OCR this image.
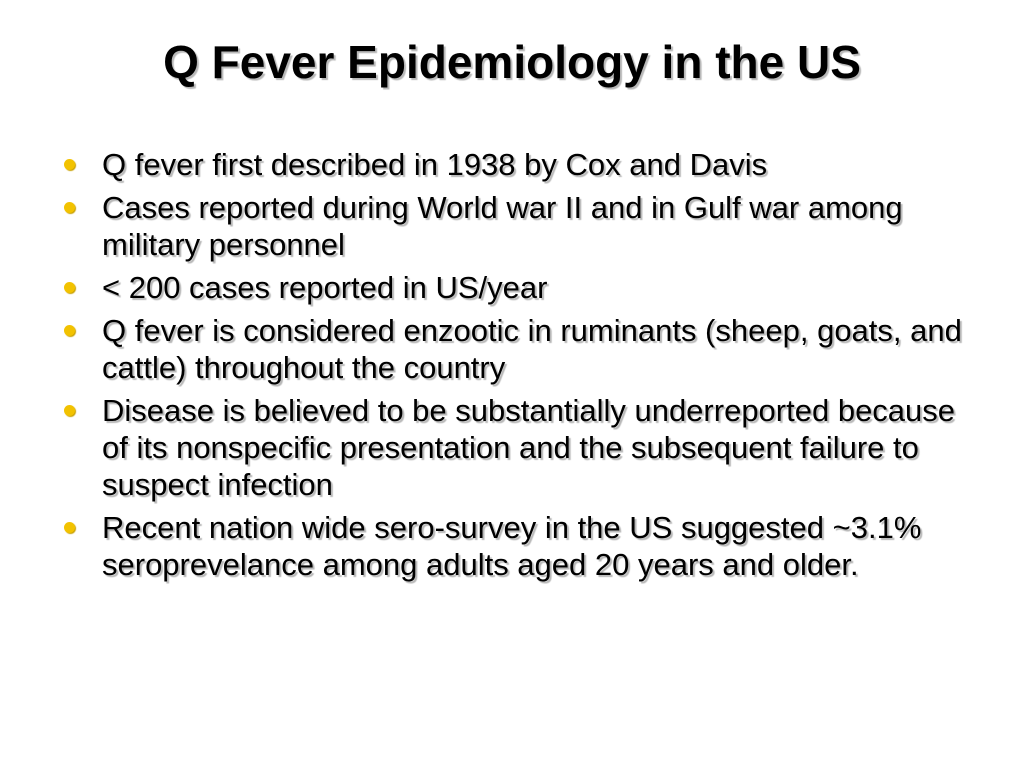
Q Fever Epidemiology in the US
Q fever first described in 1938 by Cox and Davis
Cases reported during World war II and in Gulf war among military personnel
< 200 cases reported in US/year
Q fever is considered enzootic in ruminants (sheep, goats, and cattle) throughout the country
Disease is believed to be substantially underreported because of its nonspecific presentation and the subsequent failure to suspect infection
Recent nation wide sero-survey in the US suggested ~3.1% seroprevelance among adults aged 20 years and older.
